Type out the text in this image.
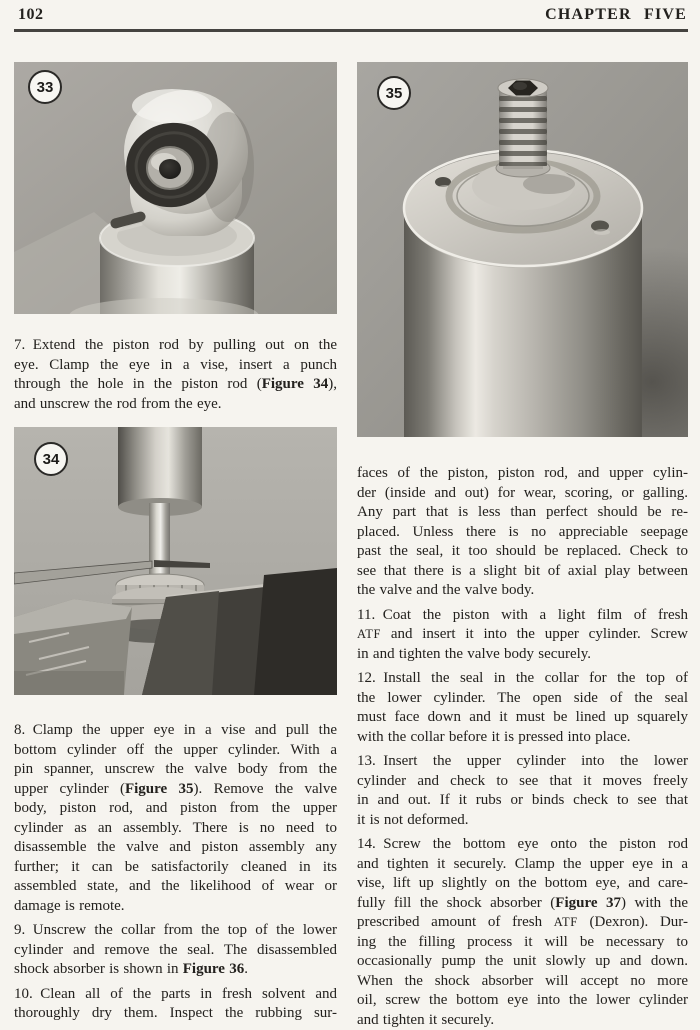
102	CHAPTER FIVE
33
7. Extend the piston rod by pulling out on the
eye. Clamp the eye in a vise, insert a punch
through the hole in the piston rod (Figure 34),
and unscrew the rod from the eye.
34
8. Clamp the upper eye in a vise and pull the
bottom cylinder off the upper cylinder. With a
pin spanner, unscrew the valve body from the
upper cylinder (Figure 35). Remove the valve
body, piston rod, and piston from the upper
cylinder as an assembly. There is no need to
disassemble the valve and piston assembly any
further; it can be satisfactorily cleaned in its
assembled state, and the likelihood of wear or
damage is remote.
9. Unscrew the collar from the top of the lower
cylinder and remove the seal. The disassembled
shock absorber is shown in Figure 36.
10. Clean all of the parts in fresh solvent and
thoroughly dry them. Inspect the rubbing sur-
35
faces of the piston, piston rod, and upper cylin-
der (inside and out) for wear, scoring, or galling.
Any part that is less than perfect should be re-
placed. Unless there is no appreciable seepage
past the seal, it too should be replaced. Check to
see that there is a slight bit of axial play between
the valve and the valve body.
11. Coat the piston with a light film of fresh
ATF and insert it into the upper cylinder. Screw
in and tighten the valve body securely.
12. Install the seal in the collar for the top of
the lower cylinder. The open side of the seal
must face down and it must be lined up squarely
with the collar before it is pressed into place.
13. Insert the upper cylinder into the lower
cylinder and check to see that it moves freely
in and out. If it rubs or binds check to see that
it is not deformed.
14. Screw the bottom eye onto the piston rod
and tighten it securely. Clamp the upper eye in a
vise, lift up slightly on the bottom eye, and care-
fully fill the shock absorber (Figure 37) with the
prescribed amount of fresh ATF (Dexron). Dur-
ing the filling process it will be necessary to
occasionally pump the unit slowly up and down.
When the shock absorber will accept no more
oil, screw the bottom eye into the lower cylinder
and tighten it securely.
